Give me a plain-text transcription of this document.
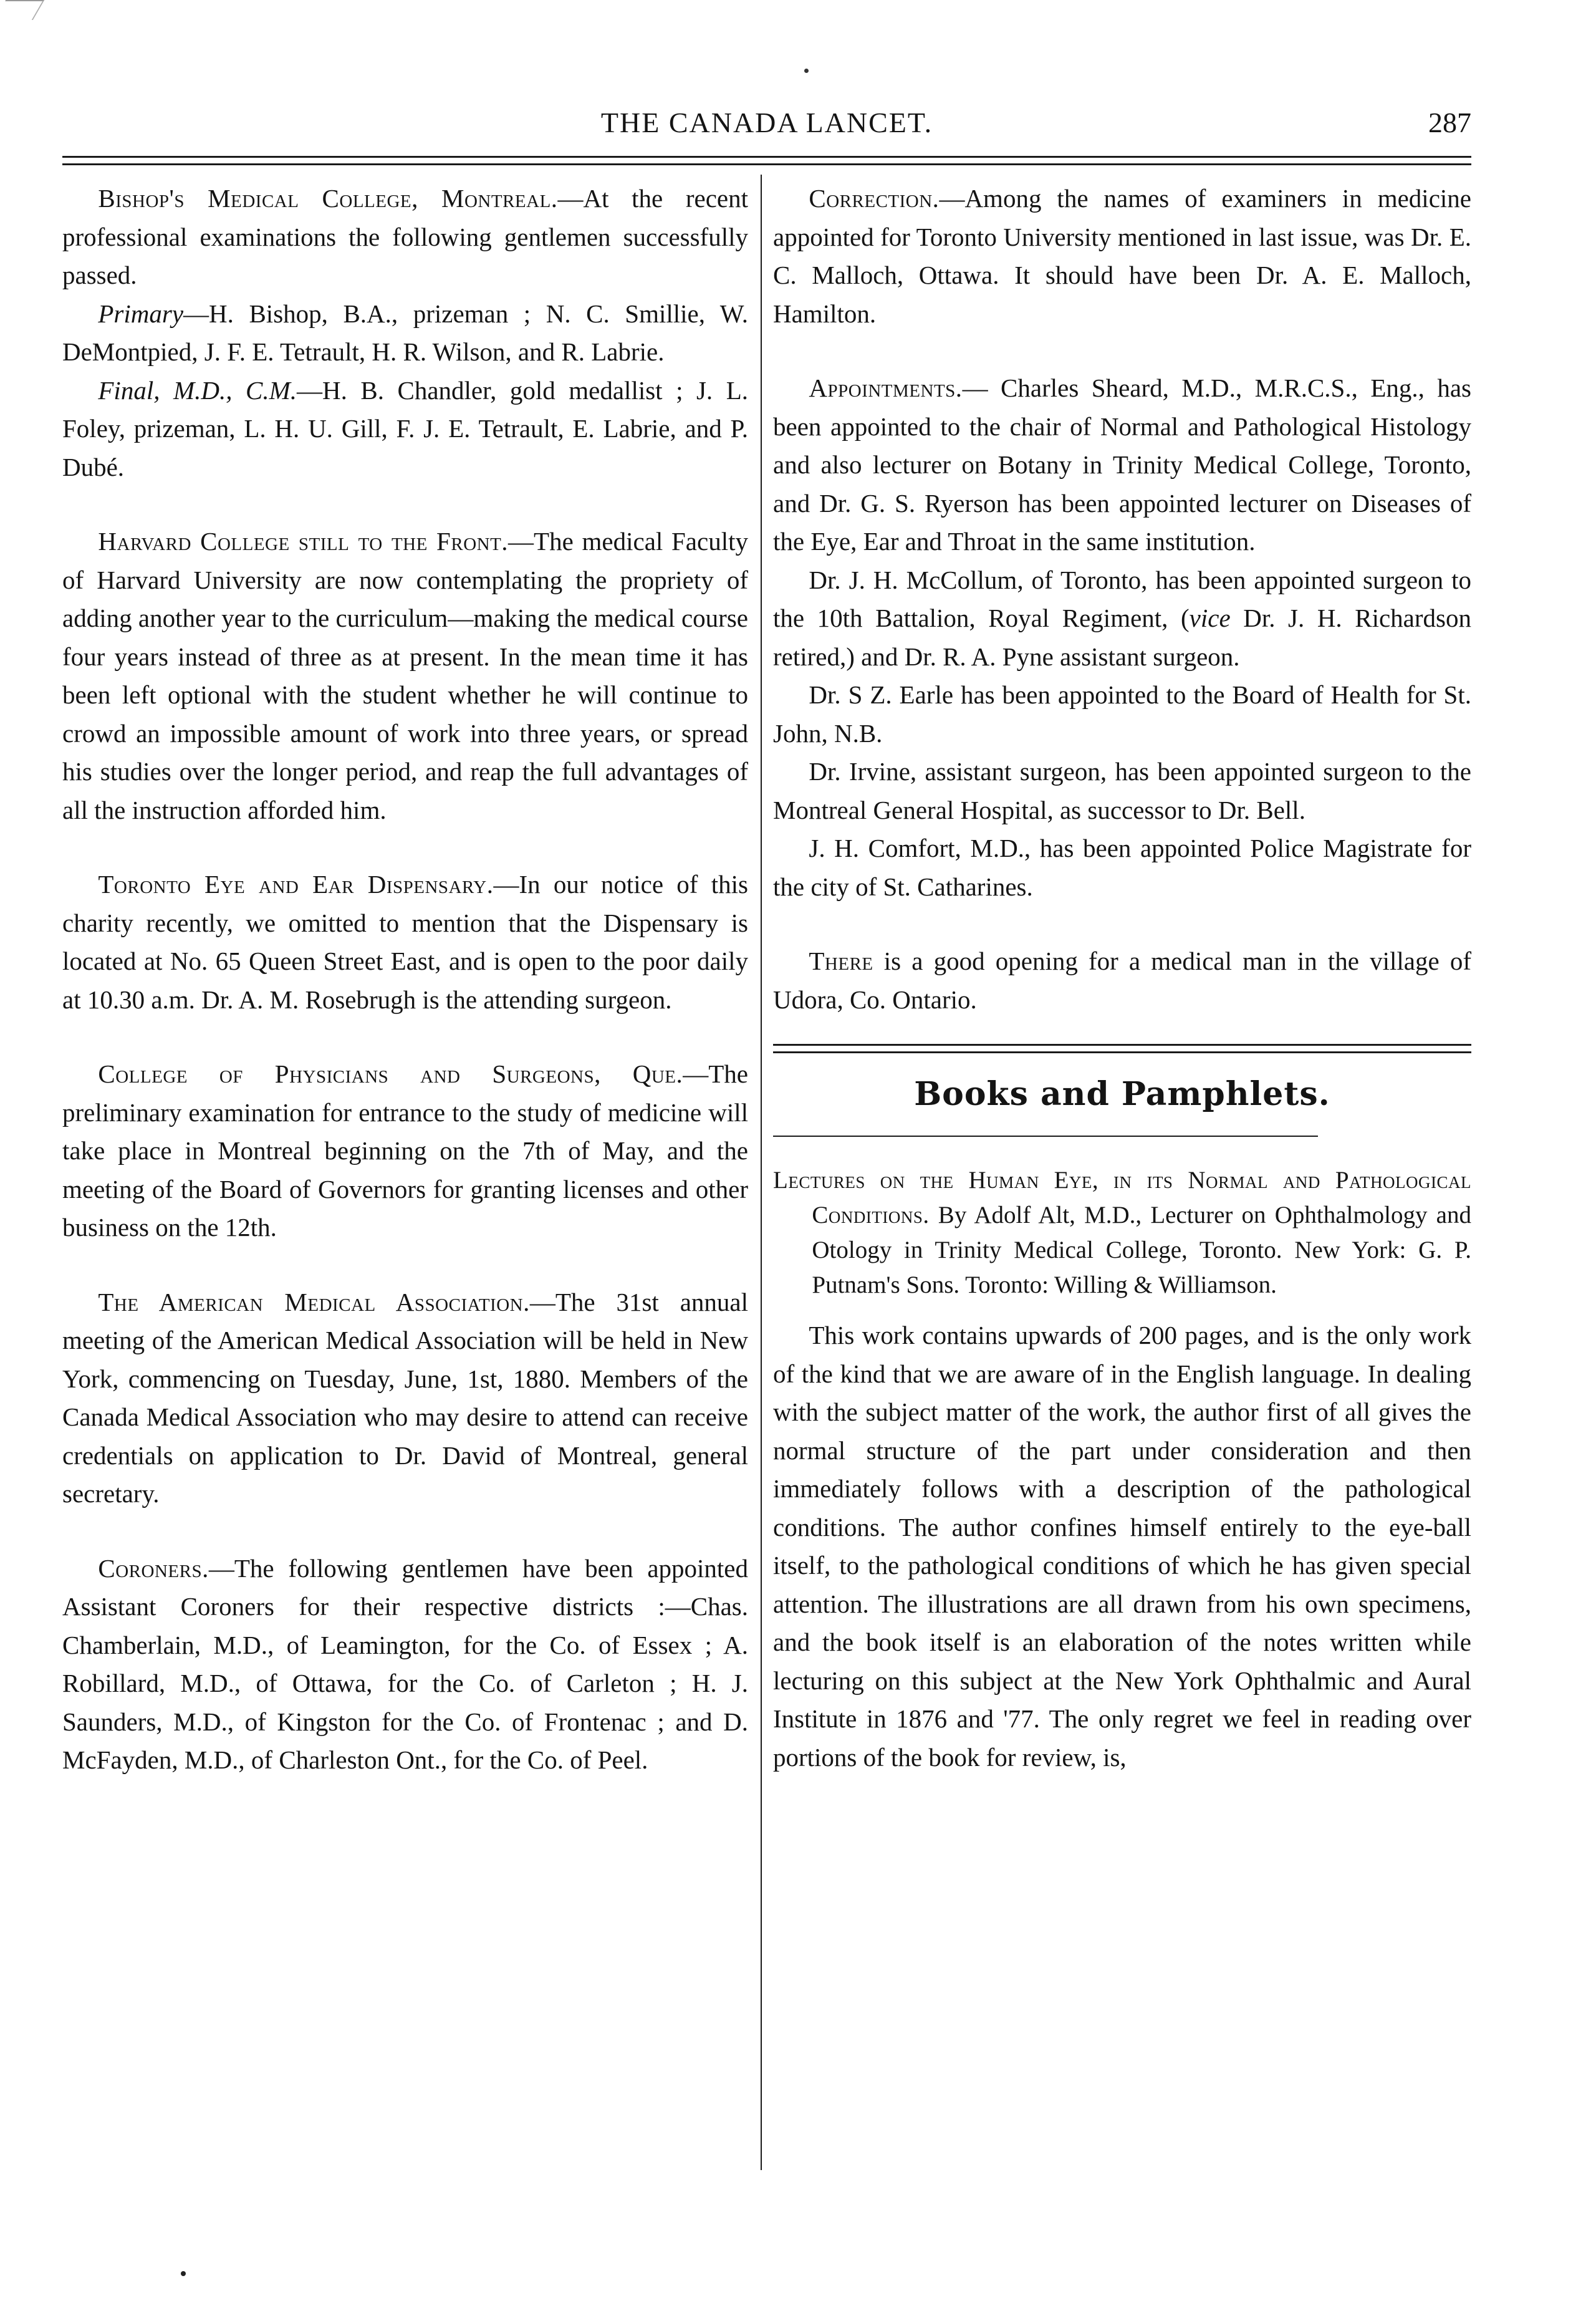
THE CANADA LANCET.	287

Bishop's Medical College, Montreal.—At the recent professional examinations the following gentlemen successfully passed.

Primary—H. Bishop, B.A., prizeman ; N. C. Smillie, W. DeMontpied, J. F. E. Tetrault, H. R. Wilson, and R. Labrie.

Final, M.D., C.M.—H. B. Chandler, gold medallist ; J. L. Foley, prizeman, L. H. U. Gill, F. J. E. Tetrault, E. Labrie, and P. Dubé.

Harvard College still to the Front.—The medical Faculty of Harvard University are now contemplating the propriety of adding another year to the curriculum—making the medical course four years instead of three as at present. In the mean time it has been left optional with the student whether he will continue to crowd an impossible amount of work into three years, or spread his studies over the longer period, and reap the full advantages of all the instruction afforded him.

Toronto Eye and Ear Dispensary.—In our notice of this charity recently, we omitted to mention that the Dispensary is located at No. 65 Queen Street East, and is open to the poor daily at 10.30 a.m. Dr. A. M. Rosebrugh is the attending surgeon.

College of Physicians and Surgeons, Que.—The preliminary examination for entrance to the study of medicine will take place in Montreal beginning on the 7th of May, and the meeting of the Board of Governors for granting licenses and other business on the 12th.

The American Medical Association.—The 31st annual meeting of the American Medical Association will be held in New York, commencing on Tuesday, June, 1st, 1880. Members of the Canada Medical Association who may desire to attend can receive credentials on application to Dr. David of Montreal, general secretary.

Coroners.—The following gentlemen have been appointed Assistant Coroners for their respective districts :—Chas. Chamberlain, M.D., of Leamington, for the Co. of Essex ; A. Robillard, M.D., of Ottawa, for the Co. of Carleton ; H. J. Saunders, M.D., of Kingston for the Co. of Frontenac ; and D. McFayden, M.D., of Charleston Ont., for the Co. of Peel.

Correction.—Among the names of examiners in medicine appointed for Toronto University mentioned in last issue, was Dr. E. C. Malloch, Ottawa. It should have been Dr. A. E. Malloch, Hamilton.

Appointments.— Charles Sheard, M.D., M.R.C.S., Eng., has been appointed to the chair of Normal and Pathological Histology and also lecturer on Botany in Trinity Medical College, Toronto, and Dr. G. S. Ryerson has been appointed lecturer on Diseases of the Eye, Ear and Throat in the same institution.

Dr. J. H. McCollum, of Toronto, has been appointed surgeon to the 10th Battalion, Royal Regiment, (vice Dr. J. H. Richardson retired,) and Dr. R. A. Pyne assistant surgeon.

Dr. S Z. Earle has been appointed to the Board of Health for St. John, N.B.

Dr. Irvine, assistant surgeon, has been appointed surgeon to the Montreal General Hospital, as successor to Dr. Bell.

J. H. Comfort, M.D., has been appointed Police Magistrate for the city of St. Catharines.

There is a good opening for a medical man in the village of Udora, Co. Ontario.

Books and Pamphlets.
Lectures on the Human Eye, in its Normal and Pathological Conditions. By Adolf Alt, M.D., Lecturer on Ophthalmology and Otology in Trinity Medical College, Toronto. New York: G. P. Putnam's Sons. Toronto: Willing & Williamson.

This work contains upwards of 200 pages, and is the only work of the kind that we are aware of in the English language. In dealing with the subject matter of the work, the author first of all gives the normal structure of the part under consideration and then immediately follows with a description of the pathological conditions. The author confines himself entirely to the eye-ball itself, to the pathological conditions of which he has given special attention. The illustrations are all drawn from his own specimens, and the book itself is an elaboration of the notes written while lecturing on this subject at the New York Ophthalmic and Aural Institute in 1876 and '77. The only regret we feel in reading over portions of the book for review, is,
